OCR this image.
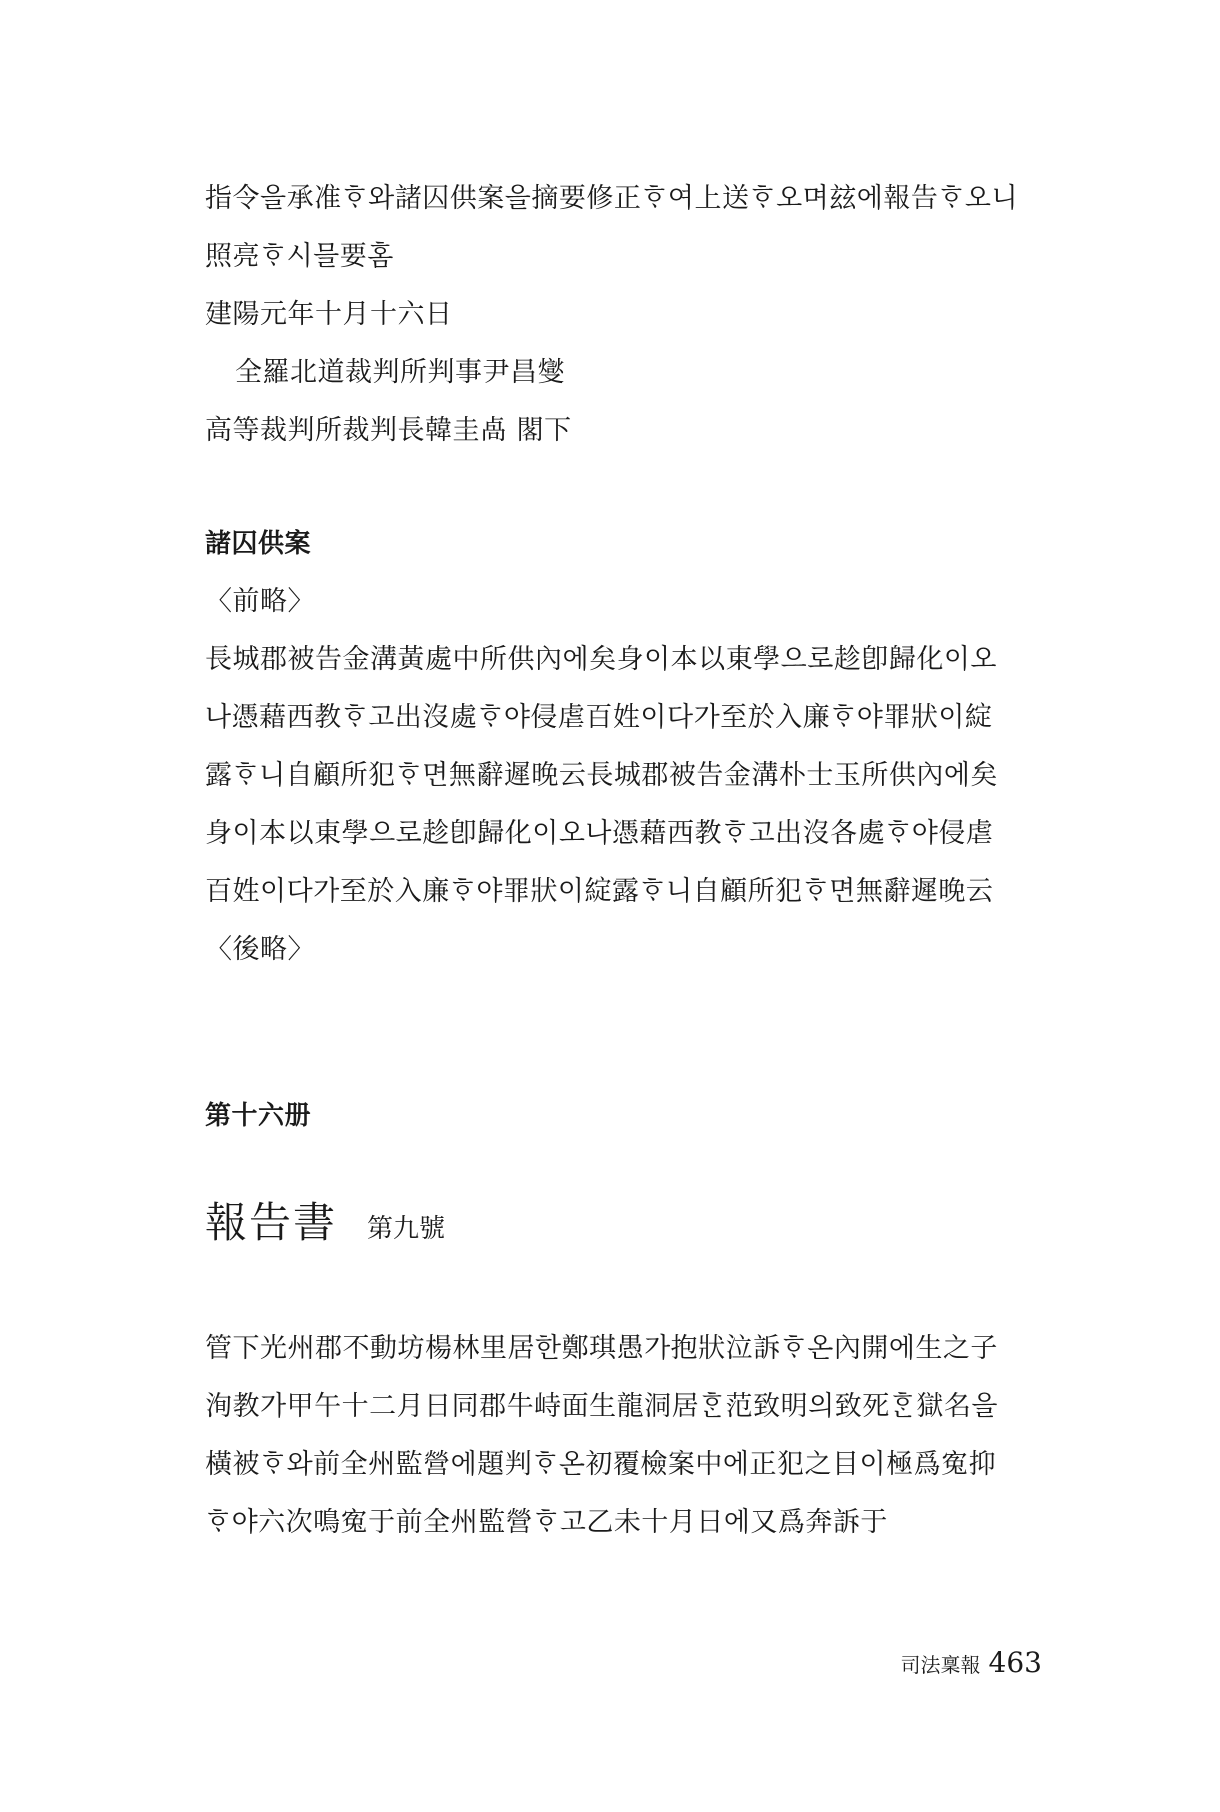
指令을承准ᄒᆞ와諸囚供案을摘要修正ᄒᆞ여上送ᄒᆞ오며玆에報告ᄒᆞ오니
照亮ᄒᆞ시믈要홈
建陽元年十月十六日
全羅北道裁判所判事尹昌燮
高等裁判所裁判長韓圭卨 閣下
諸囚供案
〈前略〉
長城郡被告金溝黃處中所供內에矣身이本以東學으로趁卽歸化이오
나憑藉西教ᄒᆞ고出沒處ᄒᆞ야侵虐百姓이다가至於入廉ᄒᆞ야罪狀이綻
露ᄒᆞ니自顧所犯ᄒᆞ면無辭遲晚云長城郡被告金溝朴士玉所供內에矣
身이本以東學으로趁卽歸化이오나憑藉西教ᄒᆞ고出沒各處ᄒᆞ야侵虐
百姓이다가至於入廉ᄒᆞ야罪狀이綻露ᄒᆞ니自顧所犯ᄒᆞ면無辭遲晚云
〈後略〉
第十六册
報告書 第九號
管下光州郡不動坊楊林里居한鄭琪愚가抱狀泣訴ᄒᆞ온內開에生之子
洵教가甲午十二月日同郡牛峙面生龍洞居ᄒᆞᆫ范致明의致死ᄒᆞᆫ獄名을
橫被ᄒᆞ와前全州監營에題判ᄒᆞ온初覆檢案中에正犯之目이極爲寃抑
ᄒᆞ야六次鳴寃于前全州監營ᄒᆞ고乙未十月日에又爲奔訴于
司法稟報 463
